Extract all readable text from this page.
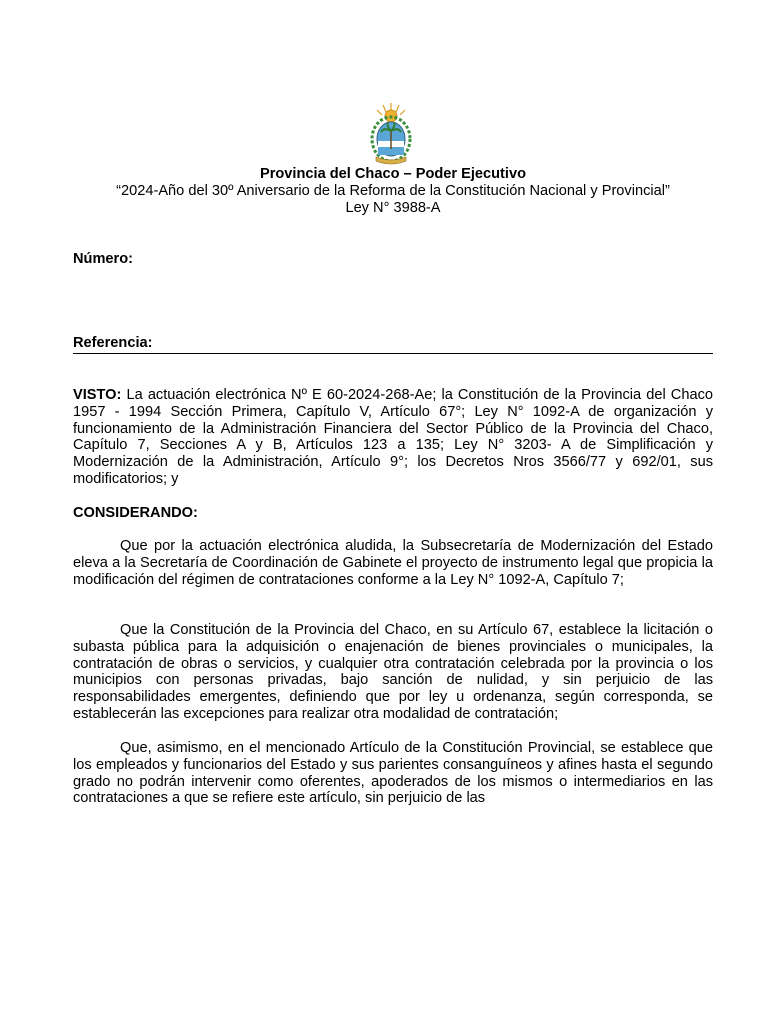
Provincia del Chaco – Poder Ejecutivo
“2024-Año del 30º Aniversario de la Reforma de la Constitución Nacional y Provincial”
Ley N° 3988-A
Número:
Referencia:
VISTO: La actuación electrónica Nº E 60-2024-268-Ae; la Constitución de la Provincia del Chaco 1957 - 1994 Sección Primera, Capítulo V, Artículo 67°; Ley N° 1092-A de organización y funcionamiento de la Administración Financiera del Sector Público de la Provincia del Chaco, Capítulo 7, Secciones A y B, Artículos 123 a 135; Ley N° 3203- A de Simplificación y Modernización de la Administración, Artículo 9°; los Decretos Nros 3566/77 y 692/01, sus modificatorios; y
CONSIDERANDO:
Que por la actuación electrónica aludida, la Subsecretaría de Modernización del Estado eleva a la Secretaría de Coordinación de Gabinete el proyecto de instrumento legal que propicia la modificación del régimen de contrataciones conforme a la Ley N° 1092-A, Capítulo 7;
Que la Constitución de la Provincia del Chaco, en su Artículo 67, establece la licitación o subasta pública para la adquisición o enajenación de bienes provinciales o municipales, la contratación de obras o servicios, y cualquier otra contratación celebrada por la provincia o los municipios con personas privadas, bajo sanción de nulidad, y sin perjuicio de las responsabilidades emergentes, definiendo que por ley u ordenanza, según corresponda, se establecerán las excepciones para realizar otra modalidad de contratación;
Que, asimismo, en el mencionado Artículo de la Constitución Provincial, se establece que los empleados y funcionarios del Estado y sus parientes consanguíneos y afines hasta el segundo grado no podrán intervenir como oferentes, apoderados de los mismos o intermediarios en las contrataciones a que se refiere este artículo, sin perjuicio de las
